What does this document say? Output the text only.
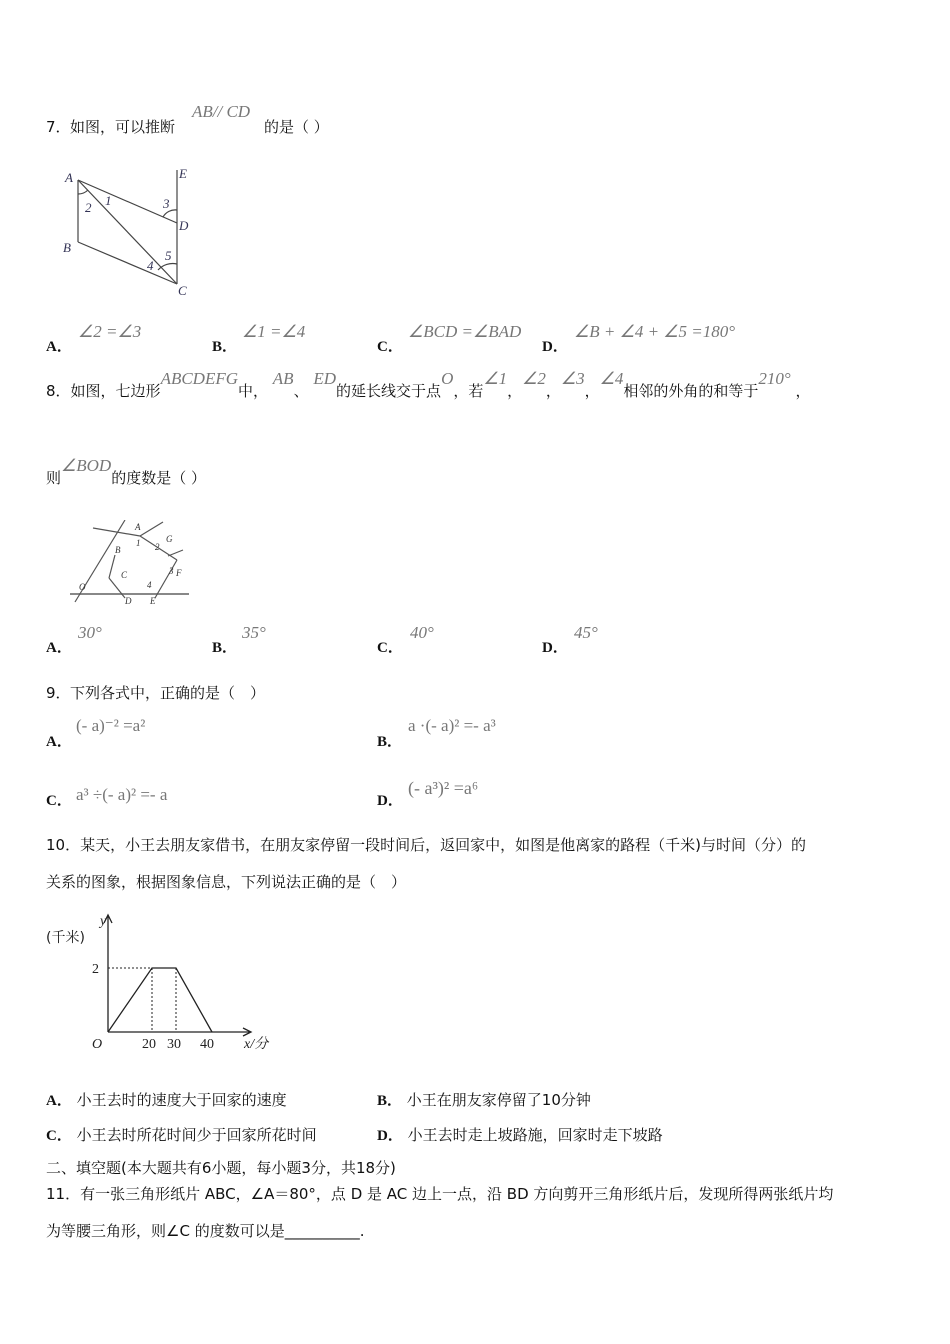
7． 如图，可以推断
AB// CD
的是（ ）
A
B
C
D
E
1
2	3
4
5
A．
∠2 =∠3
B．
∠1 =∠4
C．
∠BCD =∠BAD
D．
∠B + ∠4 + ∠5 =180°
8．如图，七边形ABCDEFG中， AB、 ED的延长线交于点O，若∠1，∠2，∠3，∠4相邻的外角的和等于210° ，
则∠BOD的度数是（ ）
A
B
C
D E
F
G
O
1 2
3
4
A．
30°
B．
35°
C．
40°
D．
45°
9． 下列各式中，正确的是（　）
A．
(- a)⁻² =a²
B．
a ·(- a)² =- a³
C． a³ ÷(- a)² =- a	D．
(- a³)² =a⁶
10．某天，小王去朋友家借书，在朋友家停留一段时间后，返回家中，如图是他离家的路程（千米)与时间（分）的
关系的图象，根据图象信息，下列说法正确的是（　）
y
(千米)
2
O	20 30 40 x/分
A． 小王去时的速度大于回家的速度	B． 小王在朋友家停留了10分钟
C． 小王去时所花时间少于回家所花时间	D． 小王去时走上坡路施，回家时走下坡路
二、填空题(本大题共有6小题，每小题3分，共18分)
11．有一张三角形纸片 ABC，∠A＝80°，点 D 是 AC 边上一点，沿 BD 方向剪开三角形纸片后，发现所得两张纸片均
为等腰三角形，则∠C 的度数可以是__________.
